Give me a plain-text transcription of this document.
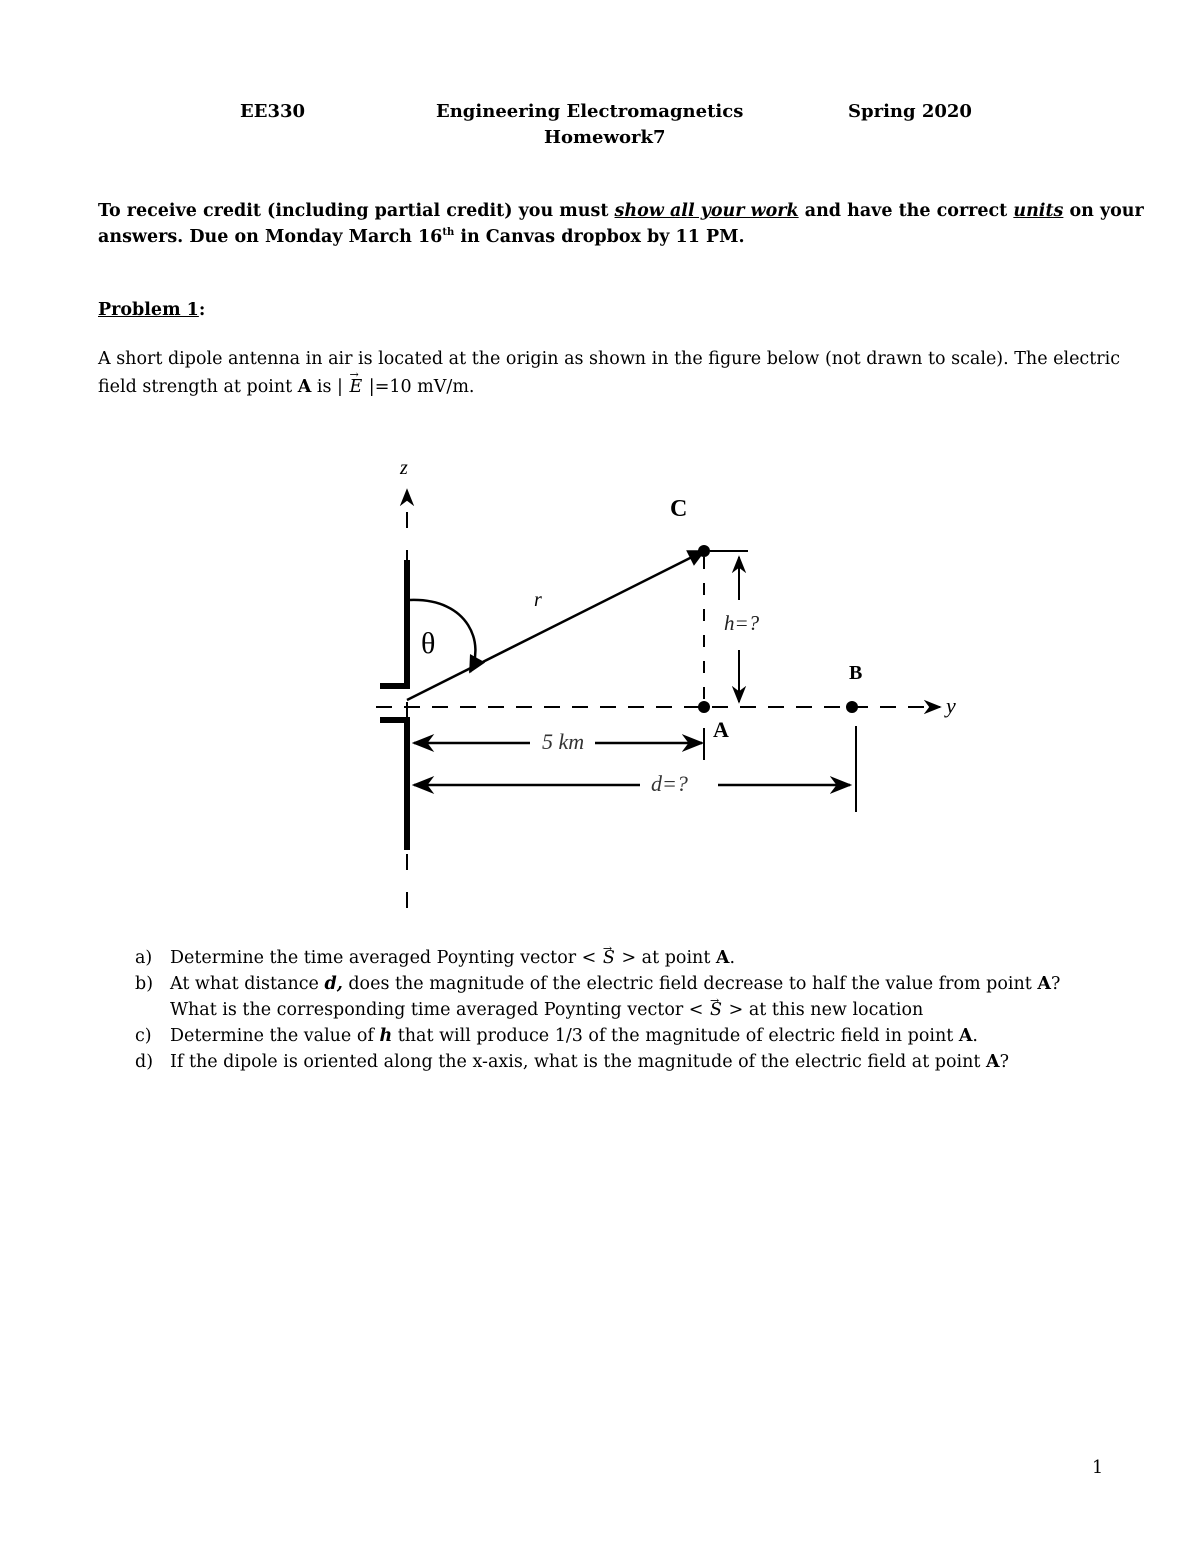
EE330	Engineering Electromagnetics	Spring 2020
Homework7
To receive credit (including partial credit) you must show all your work and have the correct units on your
answers. Due on Monday March 16th in Canvas dropbox by 11 PM.
Problem 1:
A short dipole antenna in air is located at the origin as shown in the figure below (not drawn to scale). The electric
field strength at point A is | → E |=10 mV/m.
z
y
r
θ
C
h=?
A
B
5 km
d=?
a) Determine the time averaged Poynting vector < → S > at point A.
b) At what distance d, does the magnitude of the electric field decrease to half the value from point A? What is the corresponding time averaged Poynting vector < → S > at this new location
c) Determine the value of h that will produce 1/3 of the magnitude of electric field in point A.
d) If the dipole is oriented along the x-axis, what is the magnitude of the electric field at point A?
1
